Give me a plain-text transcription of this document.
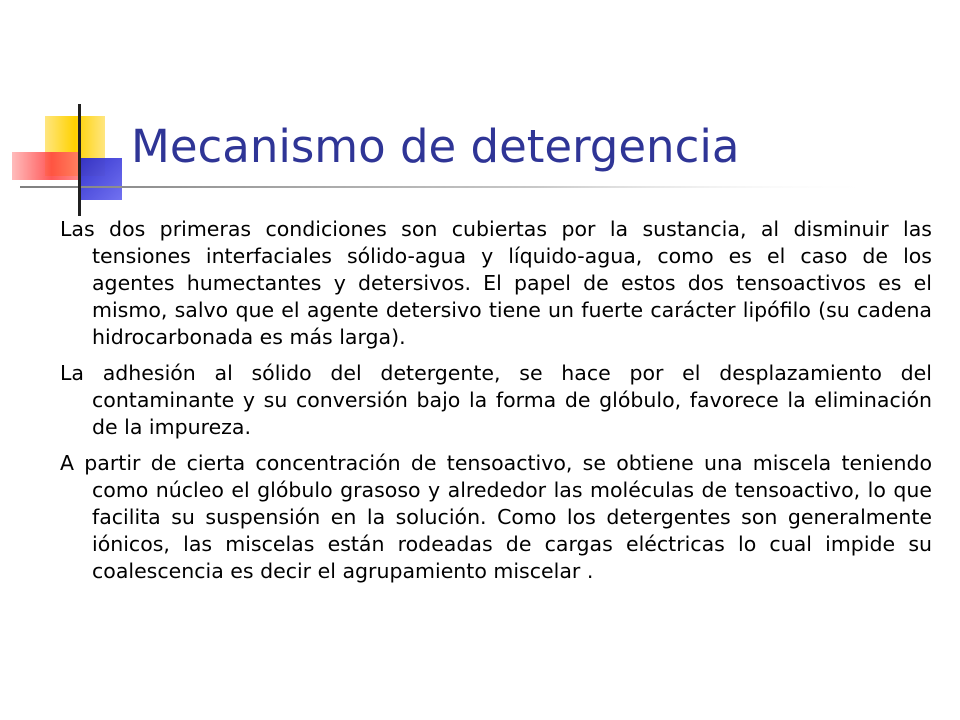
Mecanismo de detergencia

Las dos primeras condiciones son cubiertas por la sustancia, al disminuir las tensiones interfaciales sólido-agua y líquido-agua, como es el caso de los agentes humectantes y detersivos. El papel de estos dos tensoactivos es el mismo, salvo que el agente detersivo tiene un fuerte carácter lipófilo (su cadena hidrocarbonada es más larga).

La adhesión al sólido del detergente, se hace por el desplazamiento del contaminante y su conversión bajo la forma de glóbulo, favorece la eliminación de la impureza.

A partir de cierta concentración de tensoactivo, se obtiene una miscela teniendo como núcleo el glóbulo grasoso y alrededor las moléculas de tensoactivo, lo que facilita su suspensión en la solución. Como los detergentes son generalmente iónicos, las miscelas están rodeadas de cargas eléctricas lo cual impide su coalescencia es decir el agrupamiento miscelar .
